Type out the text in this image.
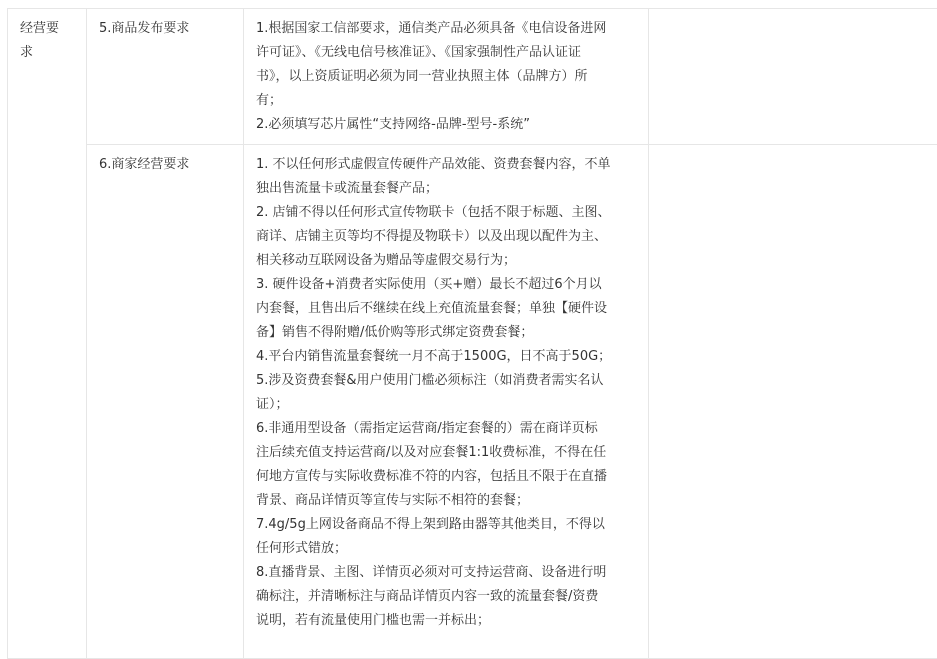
经营要
求
5.商品发布要求	1.根据国家工信部要求，通信类产品必须具备《电信设备进网
许可证》、《无线电信号核准证》、《国家强制性产品认证证
书》，以上资质证明必须为同一营业执照主体（品牌方）所
有；
2.必须填写芯片属性“支持网络-品牌-型号-系统”
6.商家经营要求	1. 不以任何形式虚假宣传硬件产品效能、资费套餐内容，不单
独出售流量卡或流量套餐产品；
2. 店铺不得以任何形式宣传物联卡（包括不限于标题、主图、
商详、店铺主页等均不得提及物联卡）以及出现以配件为主、
相关移动互联网设备为赠品等虚假交易行为；
3. 硬件设备+消费者实际使用（买+赠）最长不超过6个月以
内套餐，且售出后不继续在线上充值流量套餐；单独【硬件设
备】销售不得附赠/低价购等形式绑定资费套餐；
4.平台内销售流量套餐统一月不高于1500G，日不高于50G；
5.涉及资费套餐&用户使用门槛必须标注（如消费者需实名认
证）；
6.非通用型设备（需指定运营商/指定套餐的）需在商详页标
注后续充值支持运营商/以及对应套餐1:1收费标准，不得在任
何地方宣传与实际收费标准不符的内容，包括且不限于在直播
背景、商品详情页等宣传与实际不相符的套餐；
7.4g/5g上网设备商品不得上架到路由器等其他类目，不得以
任何形式错放；
8.直播背景、主图、详情页必须对可支持运营商、设备进行明
确标注，并清晰标注与商品详情页内容一致的流量套餐/资费
说明，若有流量使用门槛也需一并标出；
